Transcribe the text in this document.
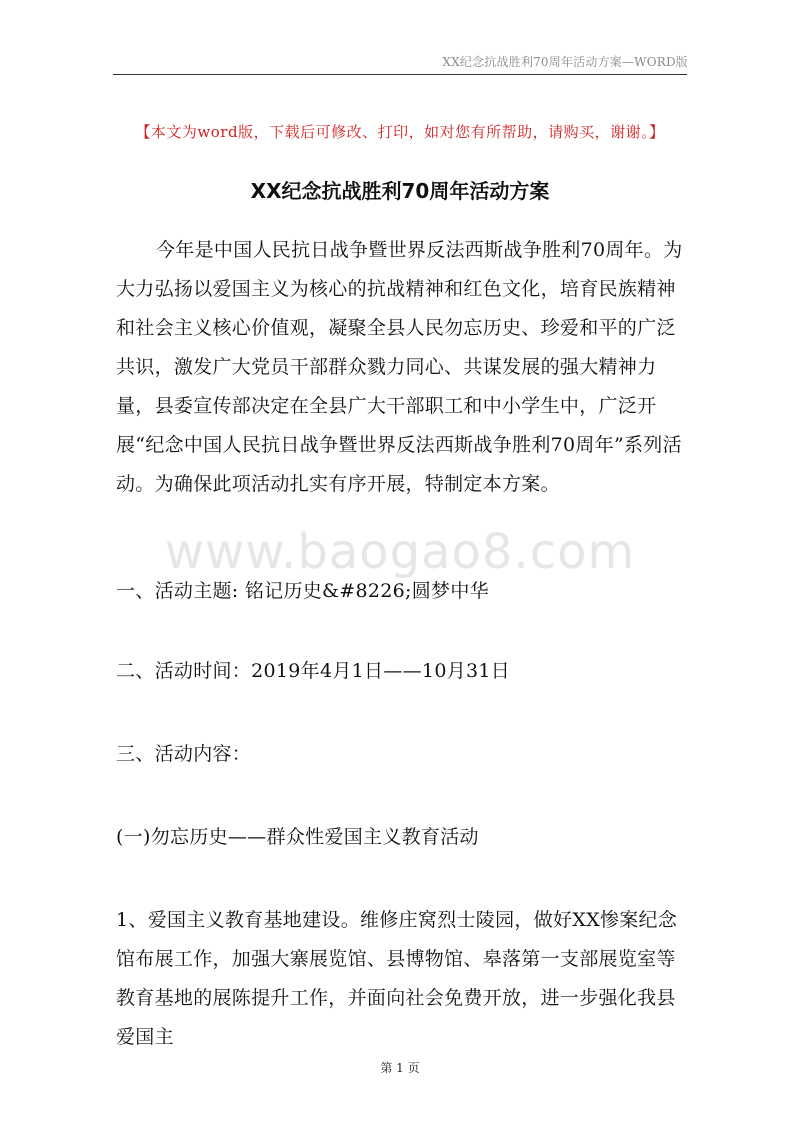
XX纪念抗战胜利70周年活动方案—WORD版
【本文为word版，下载后可修改、打印，如对您有所帮助，请购买，谢谢。】
XX纪念抗战胜利70周年活动方案

今年是中国人民抗日战争暨世界反法西斯战争胜利70周年。为大力弘扬以爱国主义为核心的抗战精神和红色文化，培育民族精神和社会主义核心价值观，凝聚全县人民勿忘历史、珍爱和平的广泛共识，激发广大党员干部群众戮力同心、共谋发展的强大精神力量，县委宣传部决定在全县广大干部职工和中小学生中，广泛开展“纪念中国人民抗日战争暨世界反法西斯战争胜利70周年”系列活动。为确保此项活动扎实有序开展，特制定本方案。

www.baogao8.com

一、活动主题: 铭记历史&#8226;圆梦中华

二、活动时间：2019年4月1日——10月31日

三、活动内容：

(一)勿忘历史——群众性爱国主义教育活动

1、爱国主义教育基地建设。维修庄窝烈士陵园，做好XX惨案纪念馆布展工作，加强大寨展览馆、县博物馆、皋落第一支部展览室等教育基地的展陈提升工作，并面向社会免费开放，进一步强化我县爱国主

第 1 页
